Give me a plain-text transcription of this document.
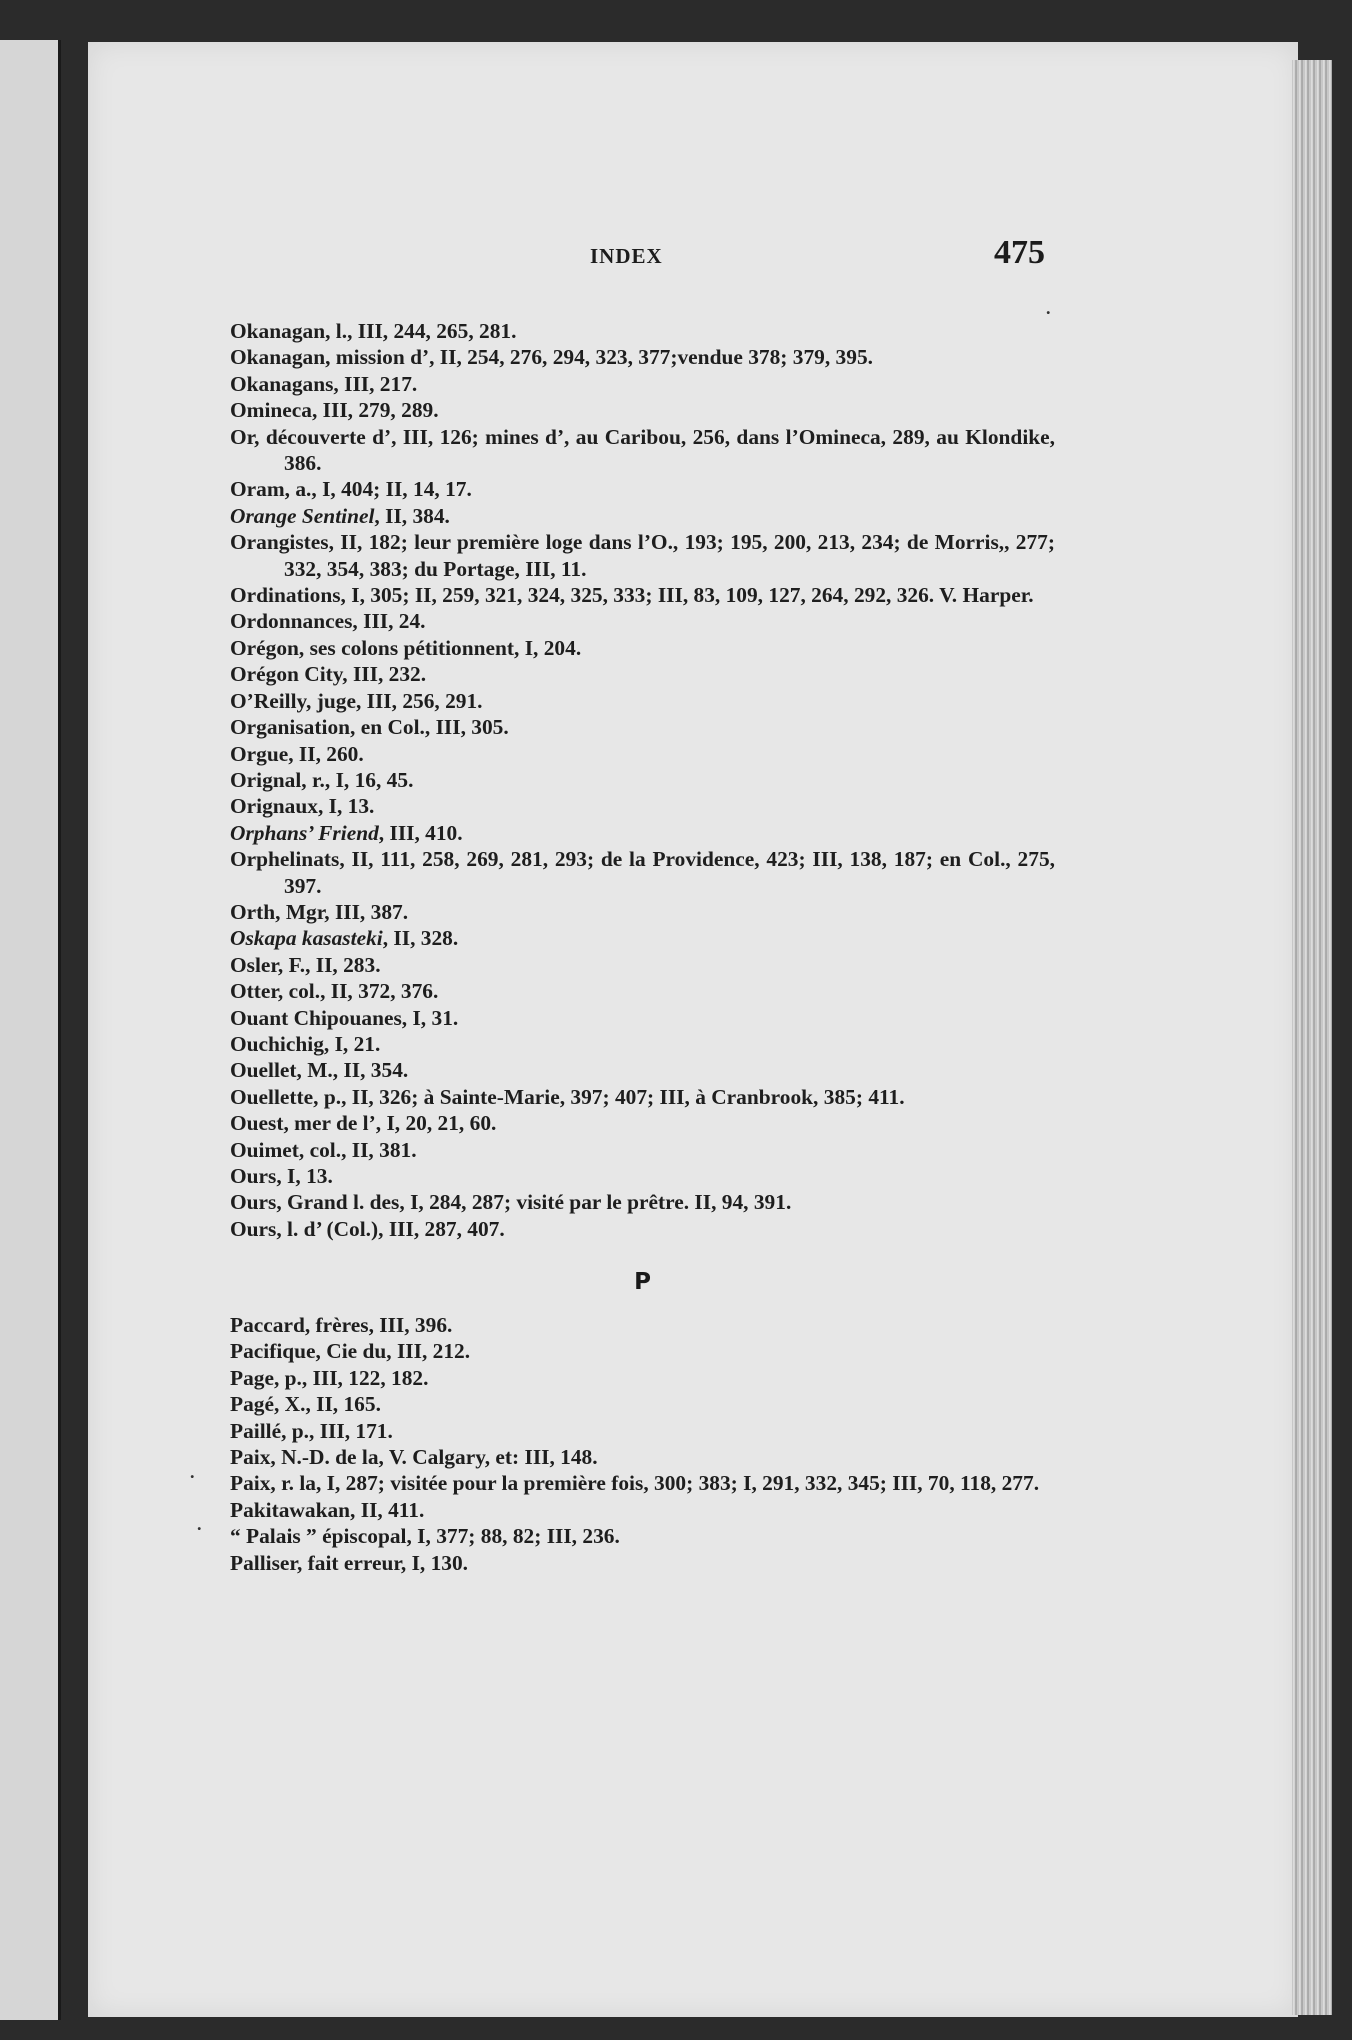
INDEX	475
.
.
.

Okanagan, l., III, 244, 265, 281.

Okanagan, mission d’, II, 254, 276, 294, 323, 377;vendue 378; 379, 395.

Okanagans, III, 217.

Omineca, III, 279, 289.

Or, découverte d’, III, 126; mines d’, au Caribou, 256, dans l’Omineca, 289, au Klondike, 386.

Oram, a., I, 404; II, 14, 17.

Orange Sentinel, II, 384.

Orangistes, II, 182; leur première loge dans l’O., 193; 195, 200, 213, 234; de Morris,, 277; 332, 354, 383; du Portage, III, 11.

Ordinations, I, 305; II, 259, 321, 324, 325, 333; III, 83, 109, 127, 264, 292, 326. V. Harper.

Ordonnances, III, 24.

Orégon, ses colons pétitionnent, I, 204.

Orégon City, III, 232.

O’Reilly, juge, III, 256, 291.

Organisation, en Col., III, 305.

Orgue, II, 260.

Orignal, r., I, 16, 45.

Orignaux, I, 13.

Orphans’ Friend, III, 410.

Orphelinats, II, 111, 258, 269, 281, 293; de la Providence, 423; III, 138, 187; en Col., 275, 397.

Orth, Mgr, III, 387.

Oskapa kasasteki, II, 328.

Osler, F., II, 283.

Otter, col., II, 372, 376.

Ouant Chipouanes, I, 31.

Ouchichig, I, 21.

Ouellet, M., II, 354.

Ouellette, p., II, 326; à Sainte-Marie, 397; 407; III, à Cranbrook, 385; 411.

Ouest, mer de l’, I, 20, 21, 60.

Ouimet, col., II, 381.

Ours, I, 13.

Ours, Grand l. des, I, 284, 287; visité par le prêtre. II, 94, 391.

Ours, l. d’ (Col.), III, 287, 407.

P

Paccard, frères, III, 396.

Pacifique, Cie du, III, 212.

Page, p., III, 122, 182.

Pagé, X., II, 165.

Paillé, p., III, 171.

Paix, N.-D. de la, V. Calgary, et: III, 148.

Paix, r. la, I, 287; visitée pour la première fois, 300; 383; I, 291, 332, 345; III, 70, 118, 277.

Pakitawakan, II, 411.

“ Palais ” épiscopal, I, 377; 88, 82; III, 236.

Palliser, fait erreur, I, 130.
